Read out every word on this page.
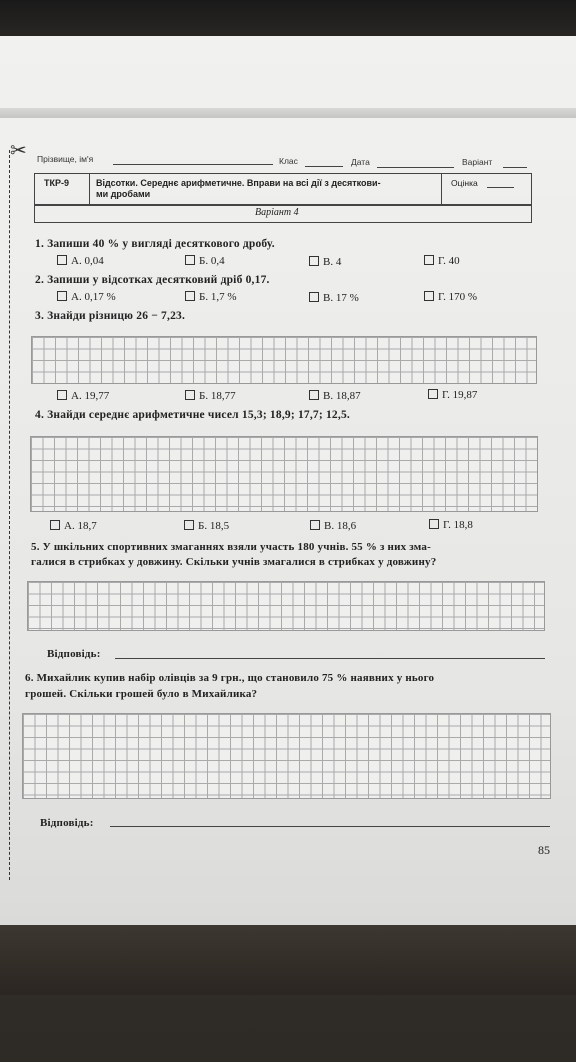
✂ Прізвище, ім'я	Клас	Дата	Варіант
ТКР-9	Відсотки. Середнє арифметичне. Вправи на всі дії з десяткови-
ми дробами
Оцінка
Варіант 4
1. Запиши 40 % у вигляді десяткового дробу.
А. 0,04	Б. 0,4	В. 4	Г. 40
2. Запиши у відсотках десятковий дріб 0,17.
А. 0,17 %	Б. 1,7 %	В. 17 %	Г. 170 %
3. Знайди різницю 26 − 7,23.
А. 19,77	Б. 18,77	В. 18,87	Г. 19,87
4. Знайди середнє арифметичне чисел 15,3; 18,9; 17,7; 12,5.
А. 18,7	Б. 18,5	В. 18,6	Г. 18,8
5. У шкільних спортивних змаганнях взяли участь 180 учнів. 55 % з них зма-
галися в стрибках у довжину. Скільки учнів змагалися в стрибках у довжину?
Відповідь:
6. Михайлик купив набір олівців за 9 грн., що становило 75 % наявних у нього
грошей. Скільки грошей було в Михайлика?
Відповідь:
85
